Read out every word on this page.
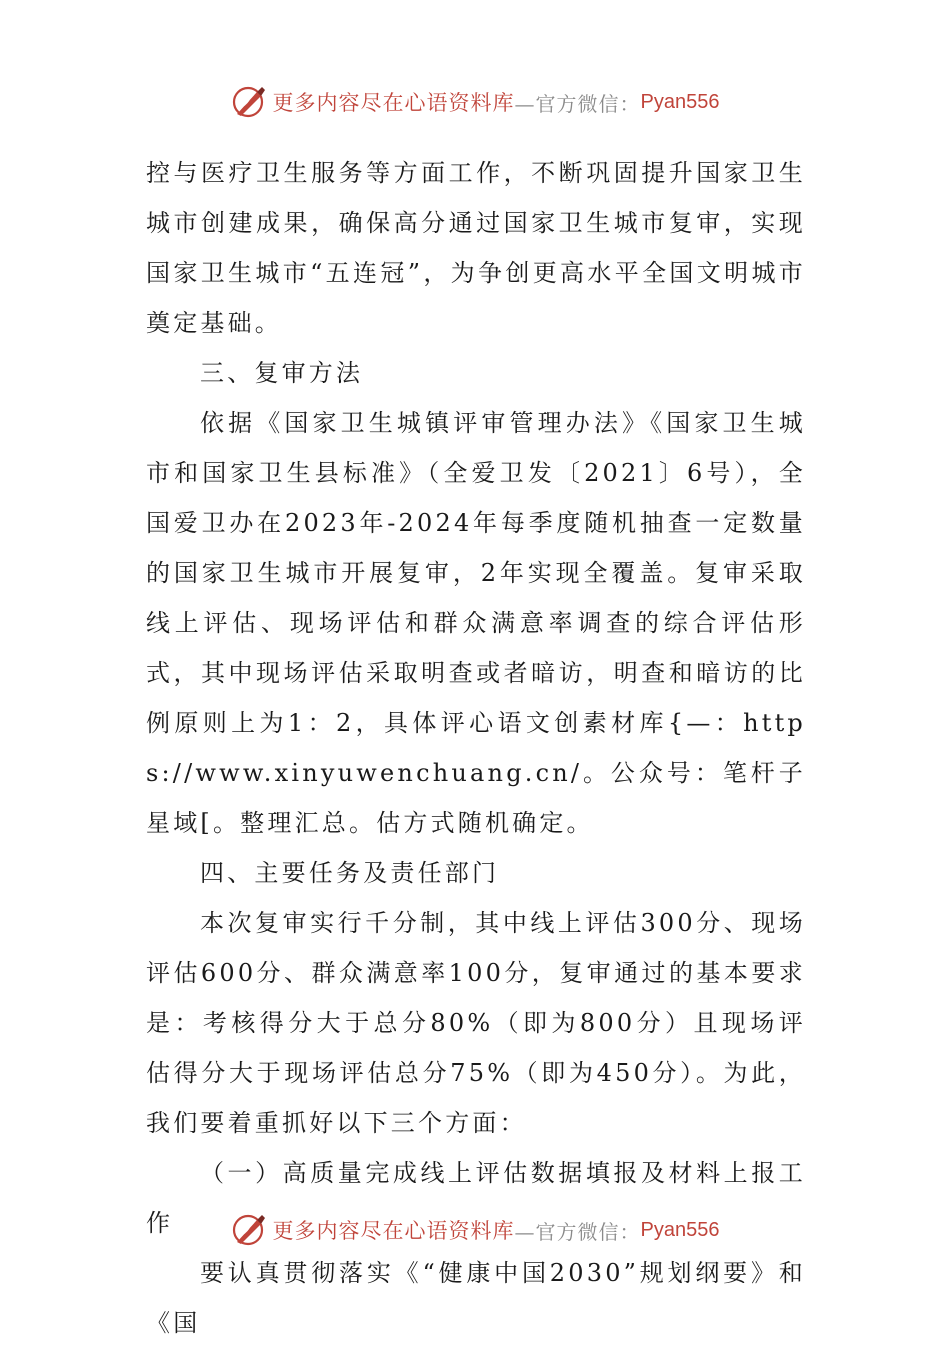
更多内容尽在心语资料库 —官方微信： Pyan556

控与医疗卫生服务等方面工作，不断巩固提升国家卫生城市创建成果，确保高分通过国家卫生城市复审，实现国家卫生城市“五连冠”，为争创更高水平全国文明城市奠定基础。

三、复审方法

依据《国家卫生城镇评审管理办法》《国家卫生城市和国家卫生县标准》（全爱卫发〔2021〕6号），全国爱卫办在2023年-2024年每季度随机抽查一定数量的国家卫生城市开展复审，2年实现全覆盖。复审采取线上评估、现场评估和群众满意率调查的综合评估形式，其中现场评估采取明查或者暗访，明查和暗访的比例原则上为1：2，具体评心语文创素材库{—：https://www.xinyuwenchuang.cn/。公众号：笔杆子星域[。整理汇总。估方式随机确定。

四、主要任务及责任部门

本次复审实行千分制，其中线上评估300分、现场评估600分、群众满意率100分，复审通过的基本要求是：考核得分大于总分80%（即为800分）且现场评估得分大于现场评估总分75%（即为450分）。为此，我们要着重抓好以下三个方面：

（一）高质量完成线上评估数据填报及材料上报工作

要认真贯彻落实《“健康中国2030”规划纲要》和《国

更多内容尽在心语资料库 —官方微信： Pyan556
